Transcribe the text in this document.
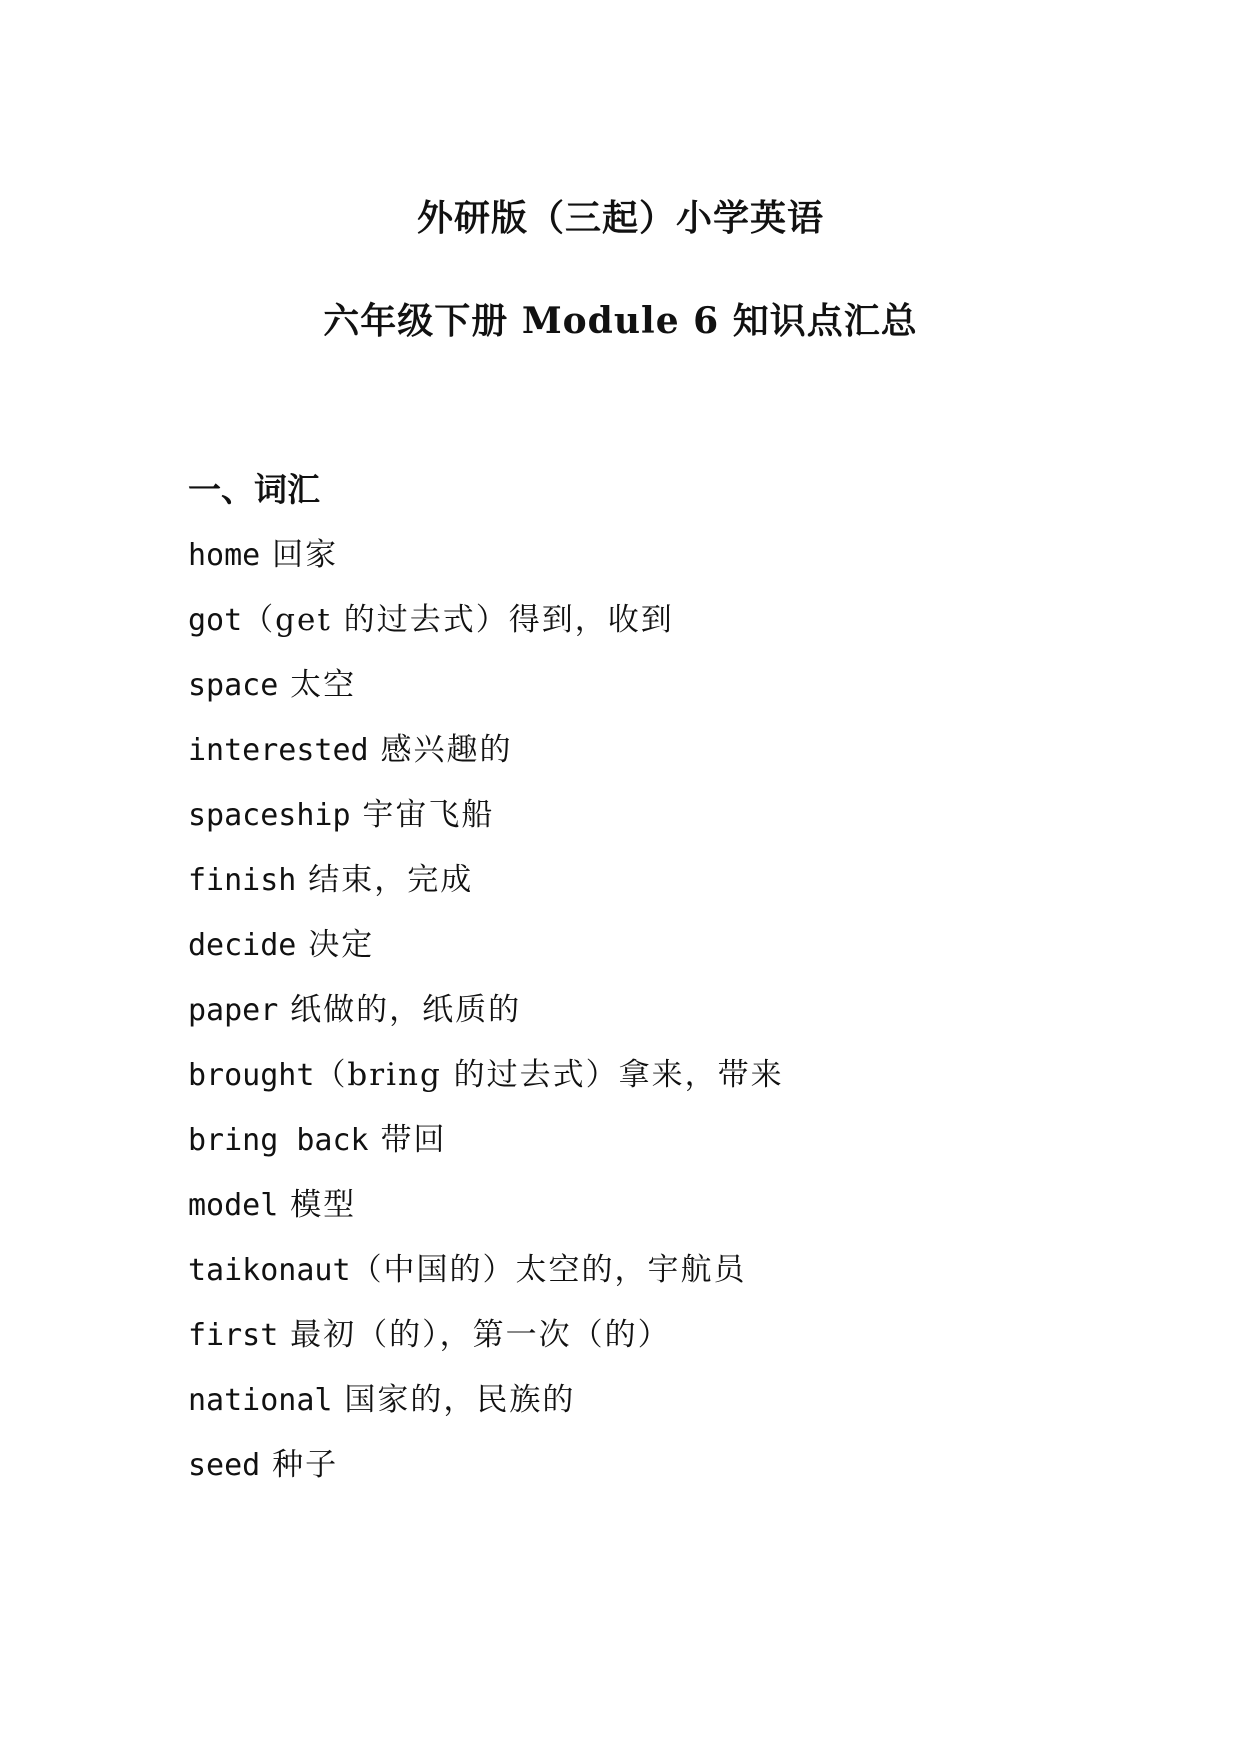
外研版（三起）小学英语
六年级下册 Module 6 知识点汇总
一、词汇
home 回家
got（get 的过去式）得到，收到
space 太空
interested 感兴趣的
spaceship 宇宙飞船
finish 结束，完成
decide 决定
paper 纸做的，纸质的
brought（bring 的过去式）拿来，带来
bring back 带回
model 模型
taikonaut（中国的）太空的，宇航员
first 最初（的），第一次（的）
national 国家的，民族的
seed 种子
